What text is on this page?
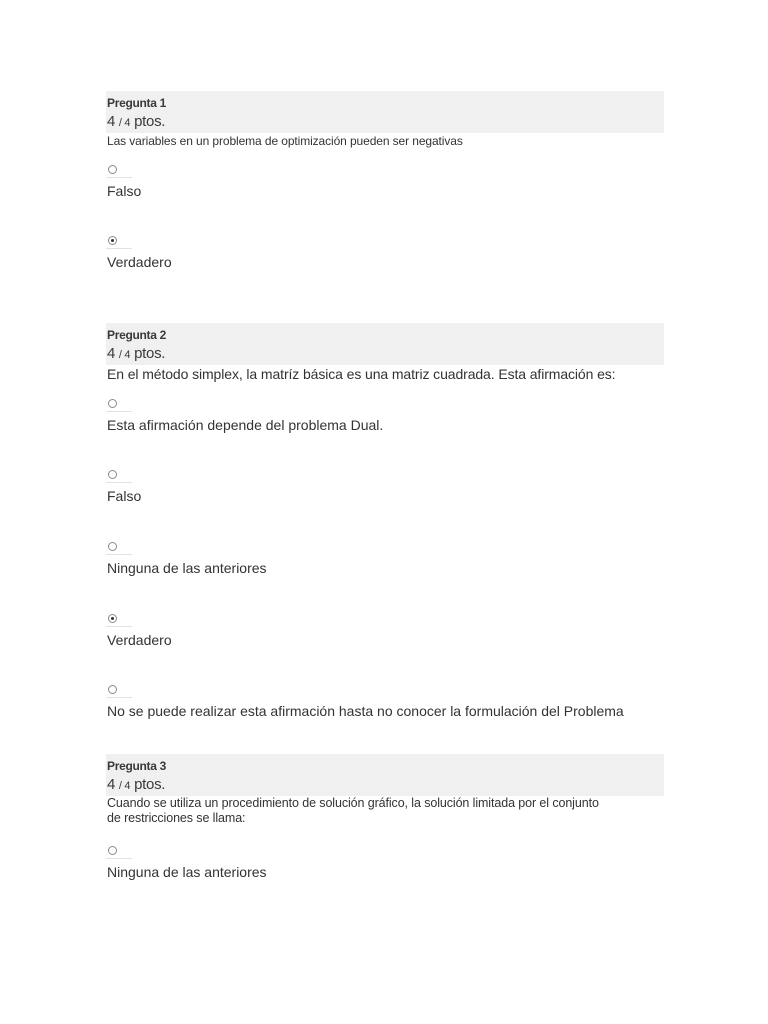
Pregunta 1
4 / 4 ptos.
Las variables en un problema de optimización pueden ser negativas
Falso
Verdadero
Pregunta 2
4 / 4 ptos.
En el método simplex, la matríz básica es una matriz cuadrada. Esta afirmación es:
Esta afirmación depende del problema Dual.
Falso
Ninguna de las anteriores
Verdadero
No se puede realizar esta afirmación hasta no conocer la formulación del Problema
Pregunta 3
4 / 4 ptos.
Cuando se utiliza un procedimiento de solución gráfico, la solución limitada por el conjunto
de restricciones se llama:
Ninguna de las anteriores
